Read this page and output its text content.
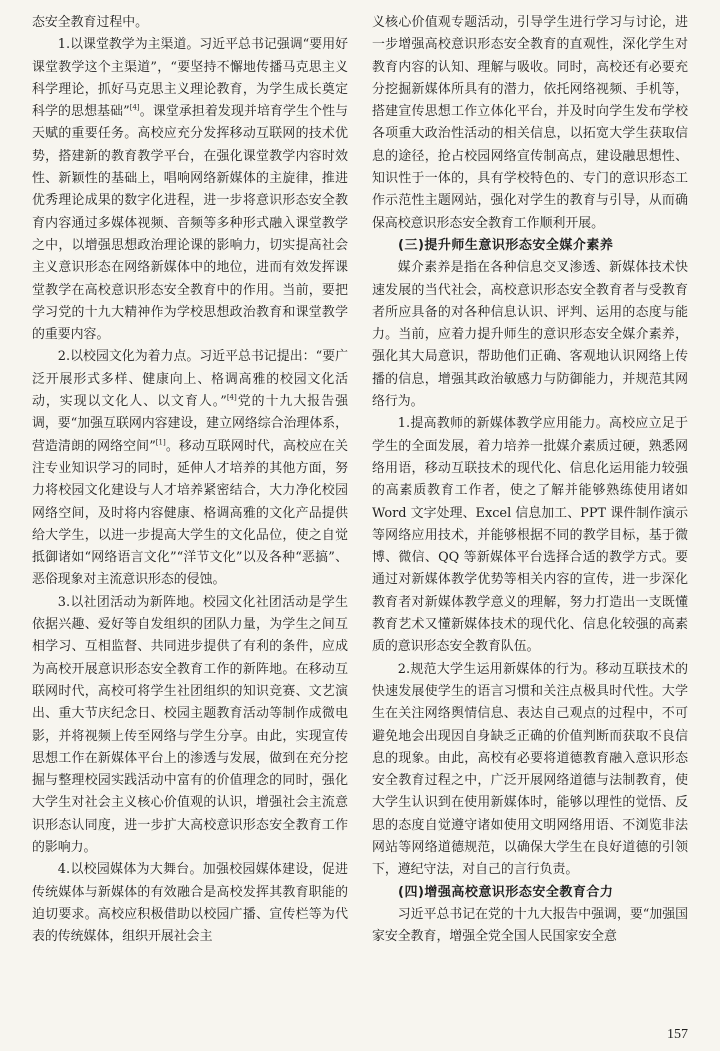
态安全教育过程中。

1.以课堂教学为主渠道。习近平总书记强调“要用好课堂教学这个主渠道”，“要坚持不懈地传播马克思主义科学理论，抓好马克思主义理论教育，为学生成长奠定科学的思想基础”[4]。课堂承担着发现并培育学生个性与天赋的重要任务。高校应充分发挥移动互联网的技术优势，搭建新的教育教学平台，在强化课堂教学内容时效性、新颖性的基础上，唱响网络新媒体的主旋律，推进优秀理论成果的数字化进程，进一步将意识形态安全教育内容通过多媒体视频、音频等多种形式融入课堂教学之中，以增强思想政治理论课的影响力，切实提高社会主义意识形态在网络新媒体中的地位，进而有效发挥课堂教学在高校意识形态安全教育中的作用。当前，要把学习党的十九大精神作为学校思想政治教育和课堂教学的重要内容。

2.以校园文化为着力点。习近平总书记提出：“要广泛开展形式多样、健康向上、格调高雅的校园文化活动，实现以文化人、以文育人。”[4]党的十九大报告强调，要“加强互联网内容建设，建立网络综合治理体系，营造清朗的网络空间”[1]。移动互联网时代，高校应在关注专业知识学习的同时，延伸人才培养的其他方面，努力将校园文化建设与人才培养紧密结合，大力净化校园网络空间，及时将内容健康、格调高雅的文化产品提供给大学生，以进一步提高大学生的文化品位，使之自觉抵御诸如“网络语言文化”“洋节文化”以及各种“恶搞”、恶俗现象对主流意识形态的侵蚀。

3.以社团活动为新阵地。校园文化社团活动是学生依据兴趣、爱好等自发组织的团队力量，为学生之间互相学习、互相监督、共同进步提供了有利的条件，应成为高校开展意识形态安全教育工作的新阵地。在移动互联网时代，高校可将学生社团组织的知识竞赛、文艺演出、重大节庆纪念日、校园主题教育活动等制作成微电影，并将视频上传至网络与学生分享。由此，实现宣传思想工作在新媒体平台上的渗透与发展，做到在充分挖掘与整理校园实践活动中富有的价值理念的同时，强化大学生对社会主义核心价值观的认识，增强社会主流意识形态认同度，进一步扩大高校意识形态安全教育工作的影响力。

4.以校园媒体为大舞台。加强校园媒体建设，促进传统媒体与新媒体的有效融合是高校发挥其教育职能的迫切要求。高校应积极借助以校园广播、宣传栏等为代表的传统媒体，组织开展社会主

义核心价值观专题活动，引导学生进行学习与讨论，进一步增强高校意识形态安全教育的直观性，深化学生对教育内容的认知、理解与吸收。同时，高校还有必要充分挖掘新媒体所具有的潜力，依托网络视频、手机等，搭建宣传思想工作立体化平台，并及时向学生发布学校各项重大政治性活动的相关信息，以拓宽大学生获取信息的途径，抢占校园网络宣传制高点，建设融思想性、知识性于一体的，具有学校特色的、专门的意识形态工作示范性主题网站，强化对学生的教育与引导，从而确保高校意识形态安全教育工作顺利开展。

(三)提升师生意识形态安全媒介素养

媒介素养是指在各种信息交叉渗透、新媒体技术快速发展的当代社会，高校意识形态安全教育者与受教育者所应具备的对各种信息认识、评判、运用的态度与能力。当前，应着力提升师生的意识形态安全媒介素养，强化其大局意识，帮助他们正确、客观地认识网络上传播的信息，增强其政治敏感力与防御能力，并规范其网络行为。

1.提高教师的新媒体教学应用能力。高校应立足于学生的全面发展，着力培养一批媒介素质过硬，熟悉网络用语，移动互联技术的现代化、信息化运用能力较强的高素质教育工作者，使之了解并能够熟练使用诸如 Word 文字处理、Excel 信息加工、PPT 课件制作演示等网络应用技术，并能够根据不同的教学目标，基于微博、微信、QQ 等新媒体平台选择合适的教学方式。要通过对新媒体教学优势等相关内容的宣传，进一步深化教育者对新媒体教学意义的理解，努力打造出一支既懂教育艺术又懂新媒体技术的现代化、信息化较强的高素质的意识形态安全教育队伍。

2.规范大学生运用新媒体的行为。移动互联技术的快速发展使学生的语言习惯和关注点极具时代性。大学生在关注网络舆情信息、表达自己观点的过程中，不可避免地会出现因自身缺乏正确的价值判断而获取不良信息的现象。由此，高校有必要将道德教育融入意识形态安全教育过程之中，广泛开展网络道德与法制教育，使大学生认识到在使用新媒体时，能够以理性的觉悟、反思的态度自觉遵守诸如使用文明网络用语、不浏览非法网站等网络道德规范，以确保大学生在良好道德的引领下，遵纪守法，对自己的言行负责。

(四)增强高校意识形态安全教育合力

习近平总书记在党的十九大报告中强调，要“加强国家安全教育，增强全党全国人民国家安全意

157
